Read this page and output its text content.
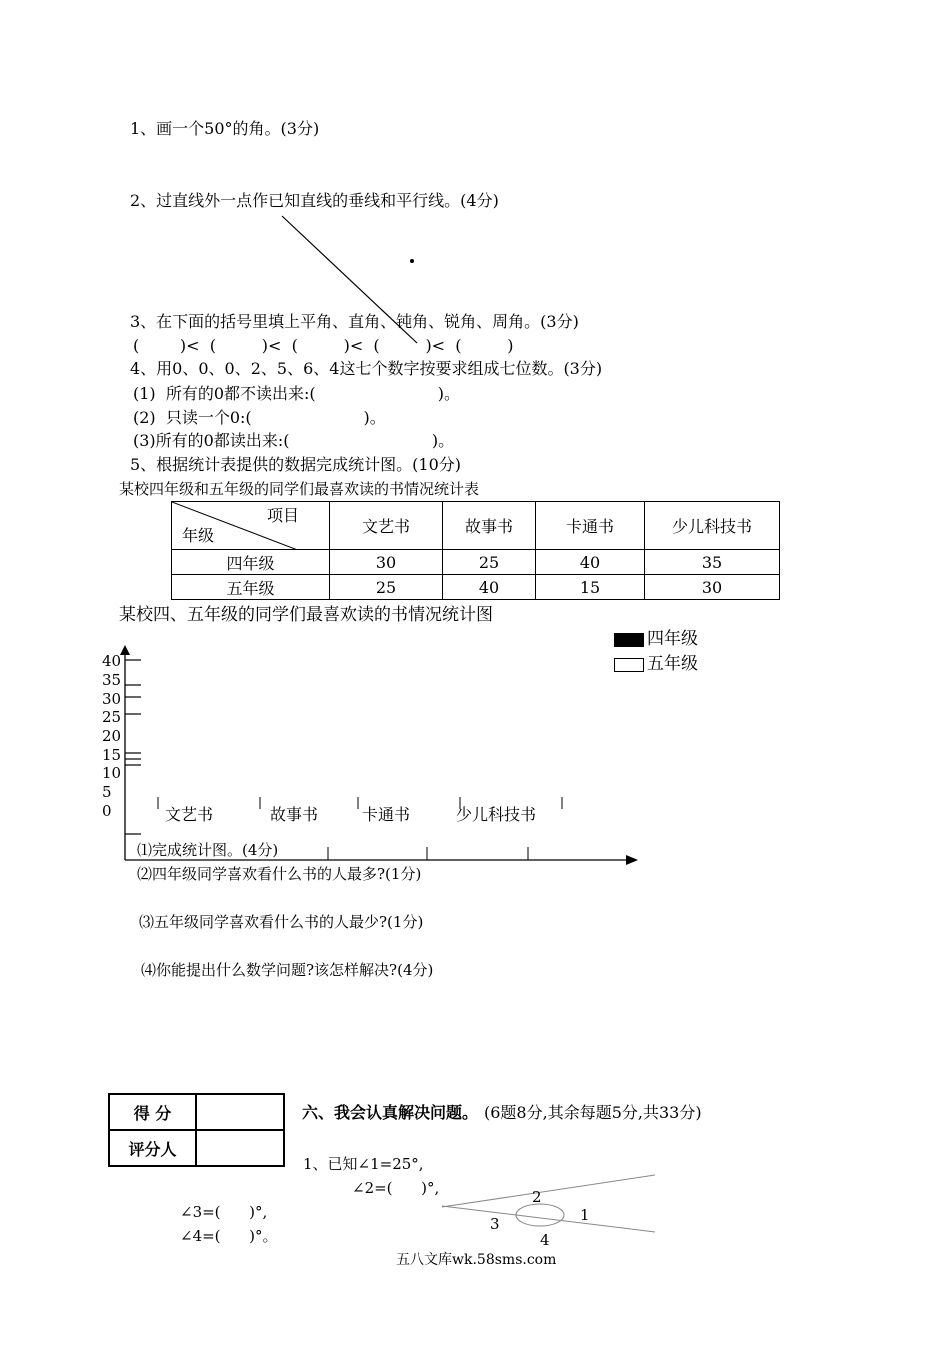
1、画一个50°的角。(3分)
2、过直线外一点作已知直线的垂线和平行线。(4分)
3、在下面的括号里填上平角、直角、钝角、锐角、周角。(3分)
(        )<  (         )<  (         )<  (         )<  (         )
4、用0、0、0、2、5、6、4这七个数字按要求组成七位数。(3分)
(1)  所有的0都不读出来:(                        )。
(2)  只读一个0:(                      )。
(3)所有的0都读出来:(                            )。
5、根据统计表提供的数据完成统计图。(10分)
某校四年级和五年级的同学们最喜欢读的书情况统计表
项目
年级	文艺书	故事书	卡通书	少儿科技书
四年级	30	25	40	35
五年级	25	40	15	30
某校四、五年级的同学们最喜欢读的书情况统计图
四年级
五年级
40
35
30
25
20
15
10
5
0	文艺书	故事书	卡通书	少儿科技书
⑴完成统计图。(4分)
⑵四年级同学喜欢看什么书的人最多?(1分)
⑶五年级同学喜欢看什么书的人最少?(1分)
⑷你能提出什么数学问题?该怎样解决?(4分)
得 分	
评分人	
六、我会认真解决问题。 (6题8分,其余每题5分,共33分)
1、已知∠1=25°,
∠2=(      )°,
∠3=(      )°,
∠4=(      )°。
1
2
3
4
五八文库wk.58sms.com
